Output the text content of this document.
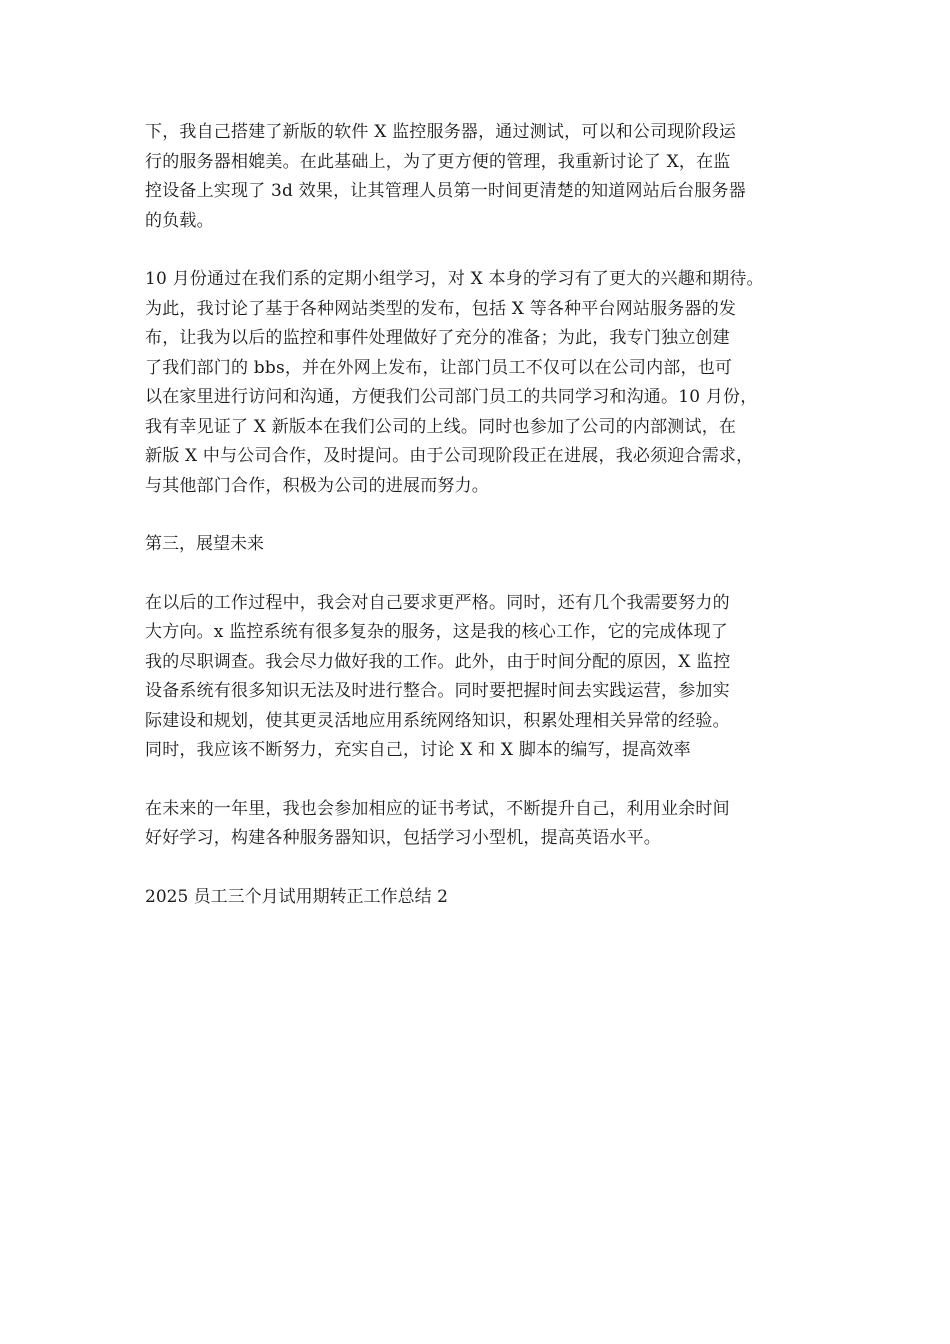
下，我自己搭建了新版的软件 X 监控服务器，通过测试，可以和公司现阶段运
行的服务器相媲美。在此基础上，为了更方便的管理，我重新讨论了 X，在监
控设备上实现了 3d 效果，让其管理人员第一时间更清楚的知道网站后台服务器
的负载。
10 月份通过在我们系的定期小组学习，对 X 本身的学习有了更大的兴趣和期待。
为此，我讨论了基于各种网站类型的发布，包括 X 等各种平台网站服务器的发
布，让我为以后的监控和事件处理做好了充分的准备；为此，我专门独立创建
了我们部门的 bbs，并在外网上发布，让部门员工不仅可以在公司内部，也可
以在家里进行访问和沟通，方便我们公司部门员工的共同学习和沟通。10 月份，
我有幸见证了 X 新版本在我们公司的上线。同时也参加了公司的内部测试，在
新版 X 中与公司合作，及时提问。由于公司现阶段正在进展，我必须迎合需求，
与其他部门合作，积极为公司的进展而努力。
第三，展望未来
在以后的工作过程中，我会对自己要求更严格。同时，还有几个我需要努力的
大方向。x 监控系统有很多复杂的服务，这是我的核心工作，它的完成体现了
我的尽职调查。我会尽力做好我的工作。此外，由于时间分配的原因，X 监控
设备系统有很多知识无法及时进行整合。同时要把握时间去实践运营，参加实
际建设和规划，使其更灵活地应用系统网络知识，积累处理相关异常的经验。
同时，我应该不断努力，充实自己，讨论 X 和 X 脚本的编写，提高效率
在未来的一年里，我也会参加相应的证书考试，不断提升自己，利用业余时间
好好学习，构建各种服务器知识，包括学习小型机，提高英语水平。
2025 员工三个月试用期转正工作总结 2
